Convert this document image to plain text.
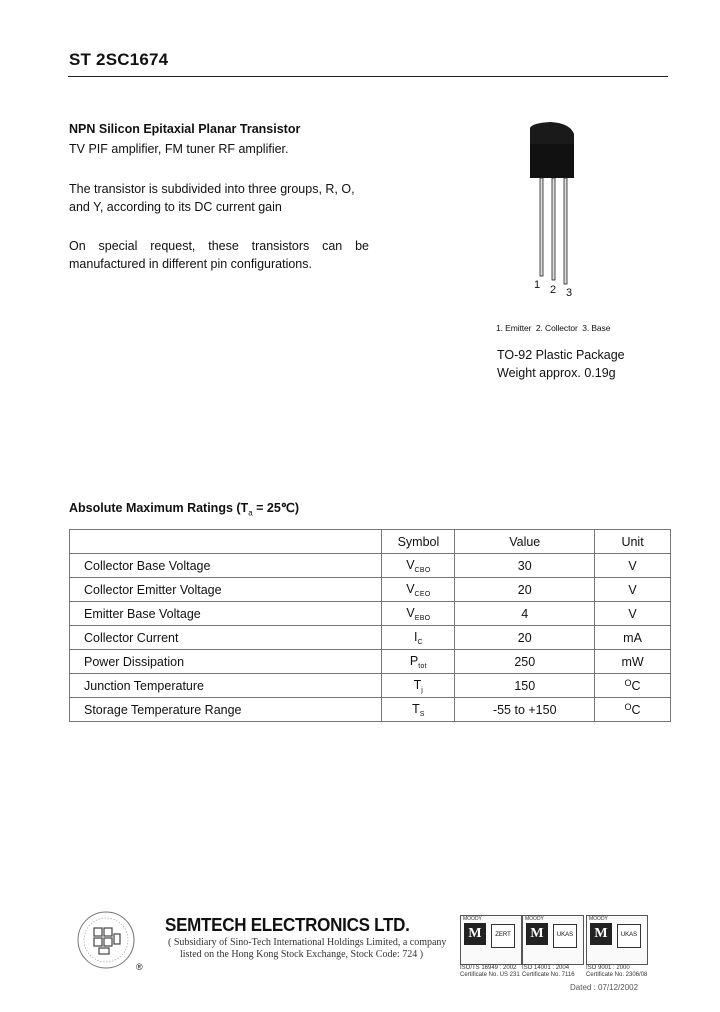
ST 2SC1674
NPN Silicon Epitaxial Planar Transistor
TV PIF amplifier, FM tuner RF amplifier.
The transistor is subdivided into three groups, R, O, and Y, according to its DC current gain
On special request, these transistors can be manufactured in different pin configurations.
1 2 3
1. Emitter  2. Collector  3. Base
TO-92 Plastic Package
Weight approx. 0.19g
Absolute Maximum Ratings ($T_a$ = 25℃)
	Symbol	Value	Unit
Collector Base Voltage	$V_{CBO}$	30	V
Collector Emitter Voltage	$V_{CEO}$	20	V
Emitter Base Voltage	$V_{EBO}$	4	V
Collector Current	$I_C$	20	mA
Power Dissipation	$P_{tot}$	250	mW
Junction Temperature	$T_j$	150	$^O$C
Storage Temperature Range	$T_S$	-55 to +150	$^O$C
®
SEMTECH ELECTRONICS LTD.
( Subsidiary of Sino-Tech International Holdings Limited, a company
listed on the Hong Kong Stock Exchange, Stock Code: 724 )
MOODY
M	ZERT
ISO/TS 16949 : 2002
Certificate No. US 231
MOODY
M	UKAS
ISO 14001 : 2004
Certificate No. 7116
MOODY
M	UKAS
ISO 9001 : 2000
Certificate No. 2306/08
Dated : 07/12/2002
